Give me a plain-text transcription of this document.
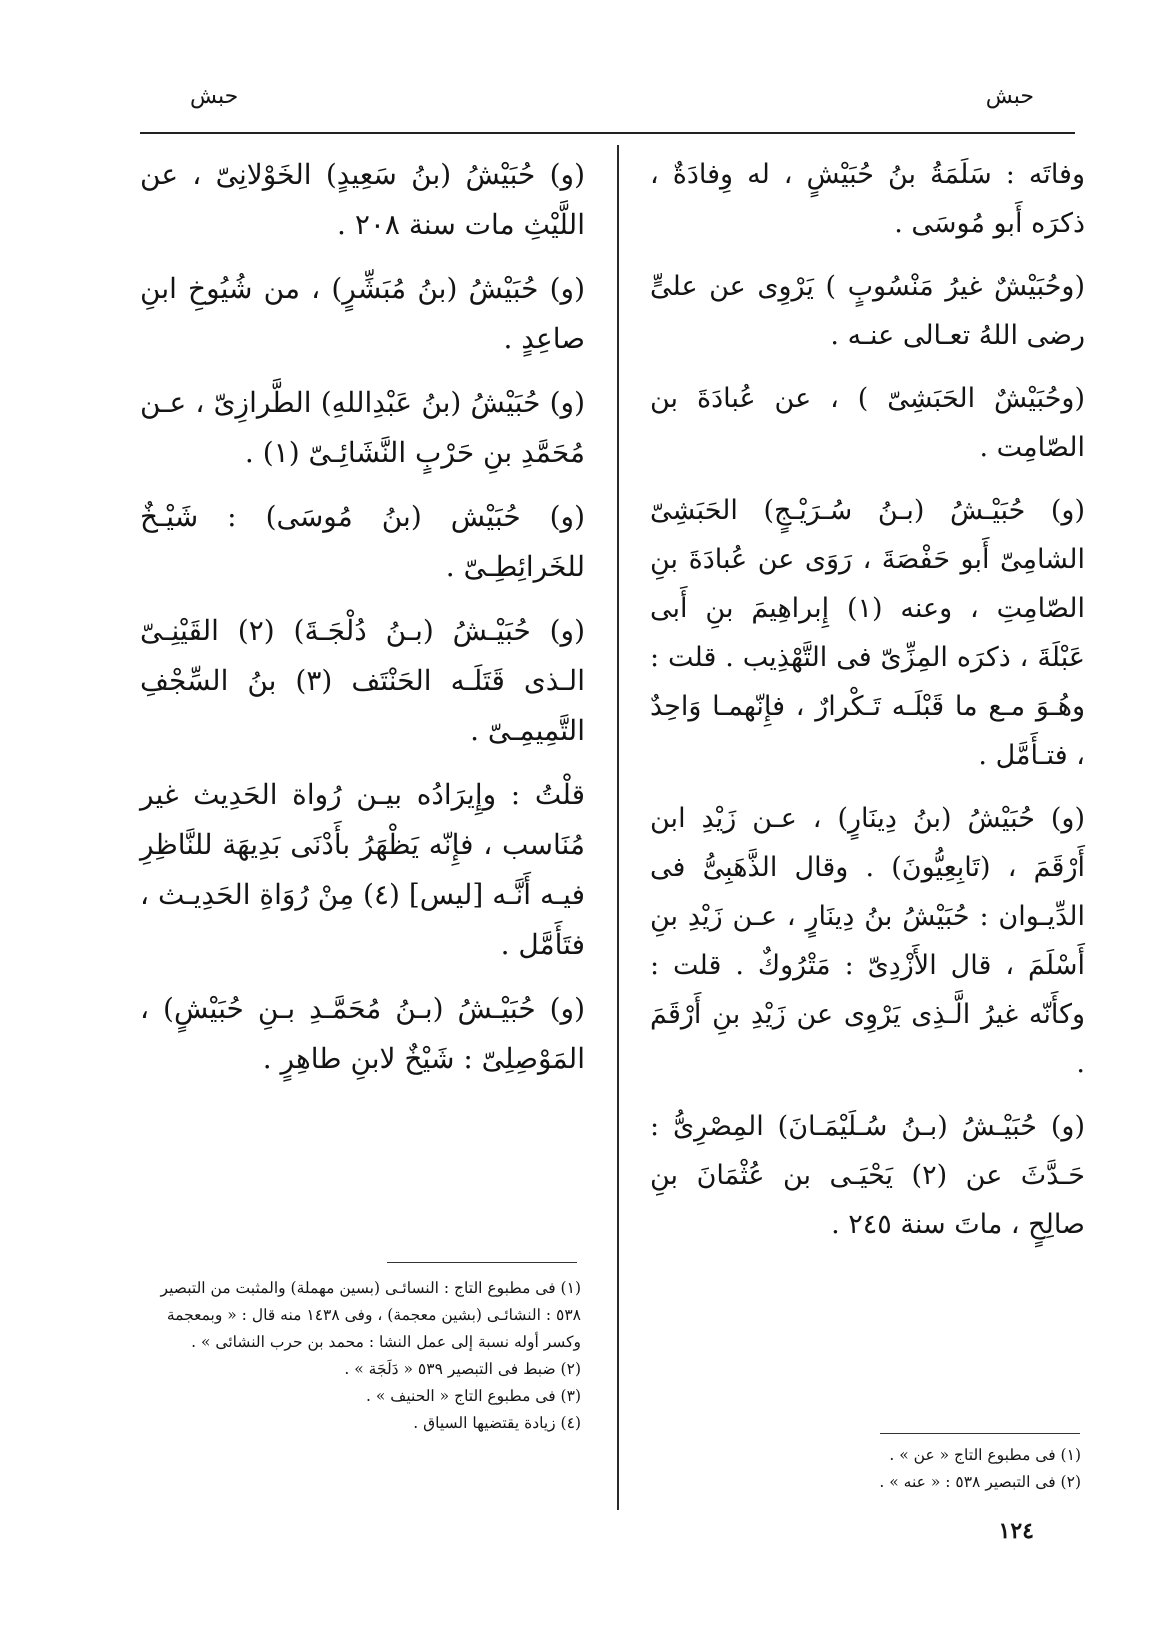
حبش
حبش

وفاتَه : سَلَمَةُ بنُ حُبَيْشٍ ، له وِفادَةٌ ، ذكرَه أَبو مُوسَى .

(وحُبَيْشٌ غيرُ مَنْسُوبٍ ) يَرْوِى عن علىٍّ رضى اللهُ تعـالى عنـه .

(وحُبَيْشٌ الحَبَشِىّ ) ، عن عُبادَةَ بن الصّامِت .

(و) حُبَيْـشُ (بـنُ سُـرَيْـجٍ) الحَبَشِىّ الشامِىّ أَبو حَفْصَةَ ، رَوَى عن عُبادَةَ بنِ الصّامِتِ ، وعنه (١) إِبراهِيمَ بنِ أَبى عَبْلَةَ ، ذكرَه المِزِّىّ فى التَّهْذِيب . قلت : وهُـوَ مـع ما قَبْلَـه تَـكْرارٌ ، فإِنّهمـا وَاحِدٌ ، فتـأَمَّل .

(و) حُبَيْشُ (بنُ دِينَارٍ) ، عـن زَيْدِ ابن أَرْقَمَ ، (تَابِعِيُّونَ) . وقال الذَّهَبِىُّ فى الدِّيـوان : حُبَيْشُ بنُ دِينَارٍ ، عـن زَيْدِ بنِ أَسْلَمَ ، قال الأَزْدِىّ : مَتْرُوكٌ . قلت : وكأَنّه غيرُ الَّـذِى يَرْوِى عن زَيْدِ بنِ أَرْقَمَ .

(و) حُبَيْـشُ (بـنُ سُـلَيْمَـانَ) المِصْرِىُّ : حَـدَّثَ عن (٢) يَحْيَـى بن عُثْمَانَ بنِ صالِحٍ ، ماتَ سنة ٢٤٥ .

(١) فى مطبوع التاج « عن » .

(٢) فى التبصير ٥٣٨ : « عنه » .

(و) حُبَيْشُ (بنُ سَعِيدٍ) الخَوْلانِىّ ، عن اللَّيْثِ مات سنة ٢٠٨ .

(و) حُبَيْشُ (بنُ مُبَشِّرٍ) ، من شُيُوخِ ابنِ صاعِدٍ .

(و) حُبَيْشُ (بنُ عَبْدِاللهِ) الطَّرازِىّ ، عـن مُحَمَّدِ بنِ حَرْبٍ النَّشَائِـىّ (١) .

(و) حُبَيْش (بنُ مُوسَى) : شَيْـخٌ للخَرائِطِـىّ .

(و) حُبَيْـشُ (بـنُ دُلْجَـةَ) (٢) القَيْنِـىّ الـذى قَتَلَـه الحَنْتَف (٣) بنُ السِّجْفِ التَّمِيمِـىّ .

قلْتُ : وإِيرَادُه بيـن رُواة الحَدِيث غير مُنَاسب ، فإِنّه يَظْهَرُ بأَدْنَى بَدِيهَة للنَّاظِرِ فيـه أَنَّـه [ليس] (٤) مِنْ رُوَاةِ الحَدِيـث ، فتَأَمَّل .

(و) حُبَيْـشُ (بـنُ مُحَمَّـدِ بـنِ حُبَيْشٍ) ، المَوْصِلِىّ : شَيْخٌ لابنِ طاهِرٍ .

(١) فى مطبوع التاج : النسائـى (بسين مهملة) والمثبت من التبصير ٥٣٨ : النشائـى (بشين معجمة) ، وفى ١٤٣٨ منه قال : « وبمعجمة وكسر أوله نسبة إلى عمل النشا : محمد بن حرب النشائى » .

(٢) ضبط فى التبصير ٥٣٩ « دَلَجَة » .

(٣) فى مطبوع التاج « الحنيف » .

(٤) زيادة يقتضيها السياق .

١٢٤
